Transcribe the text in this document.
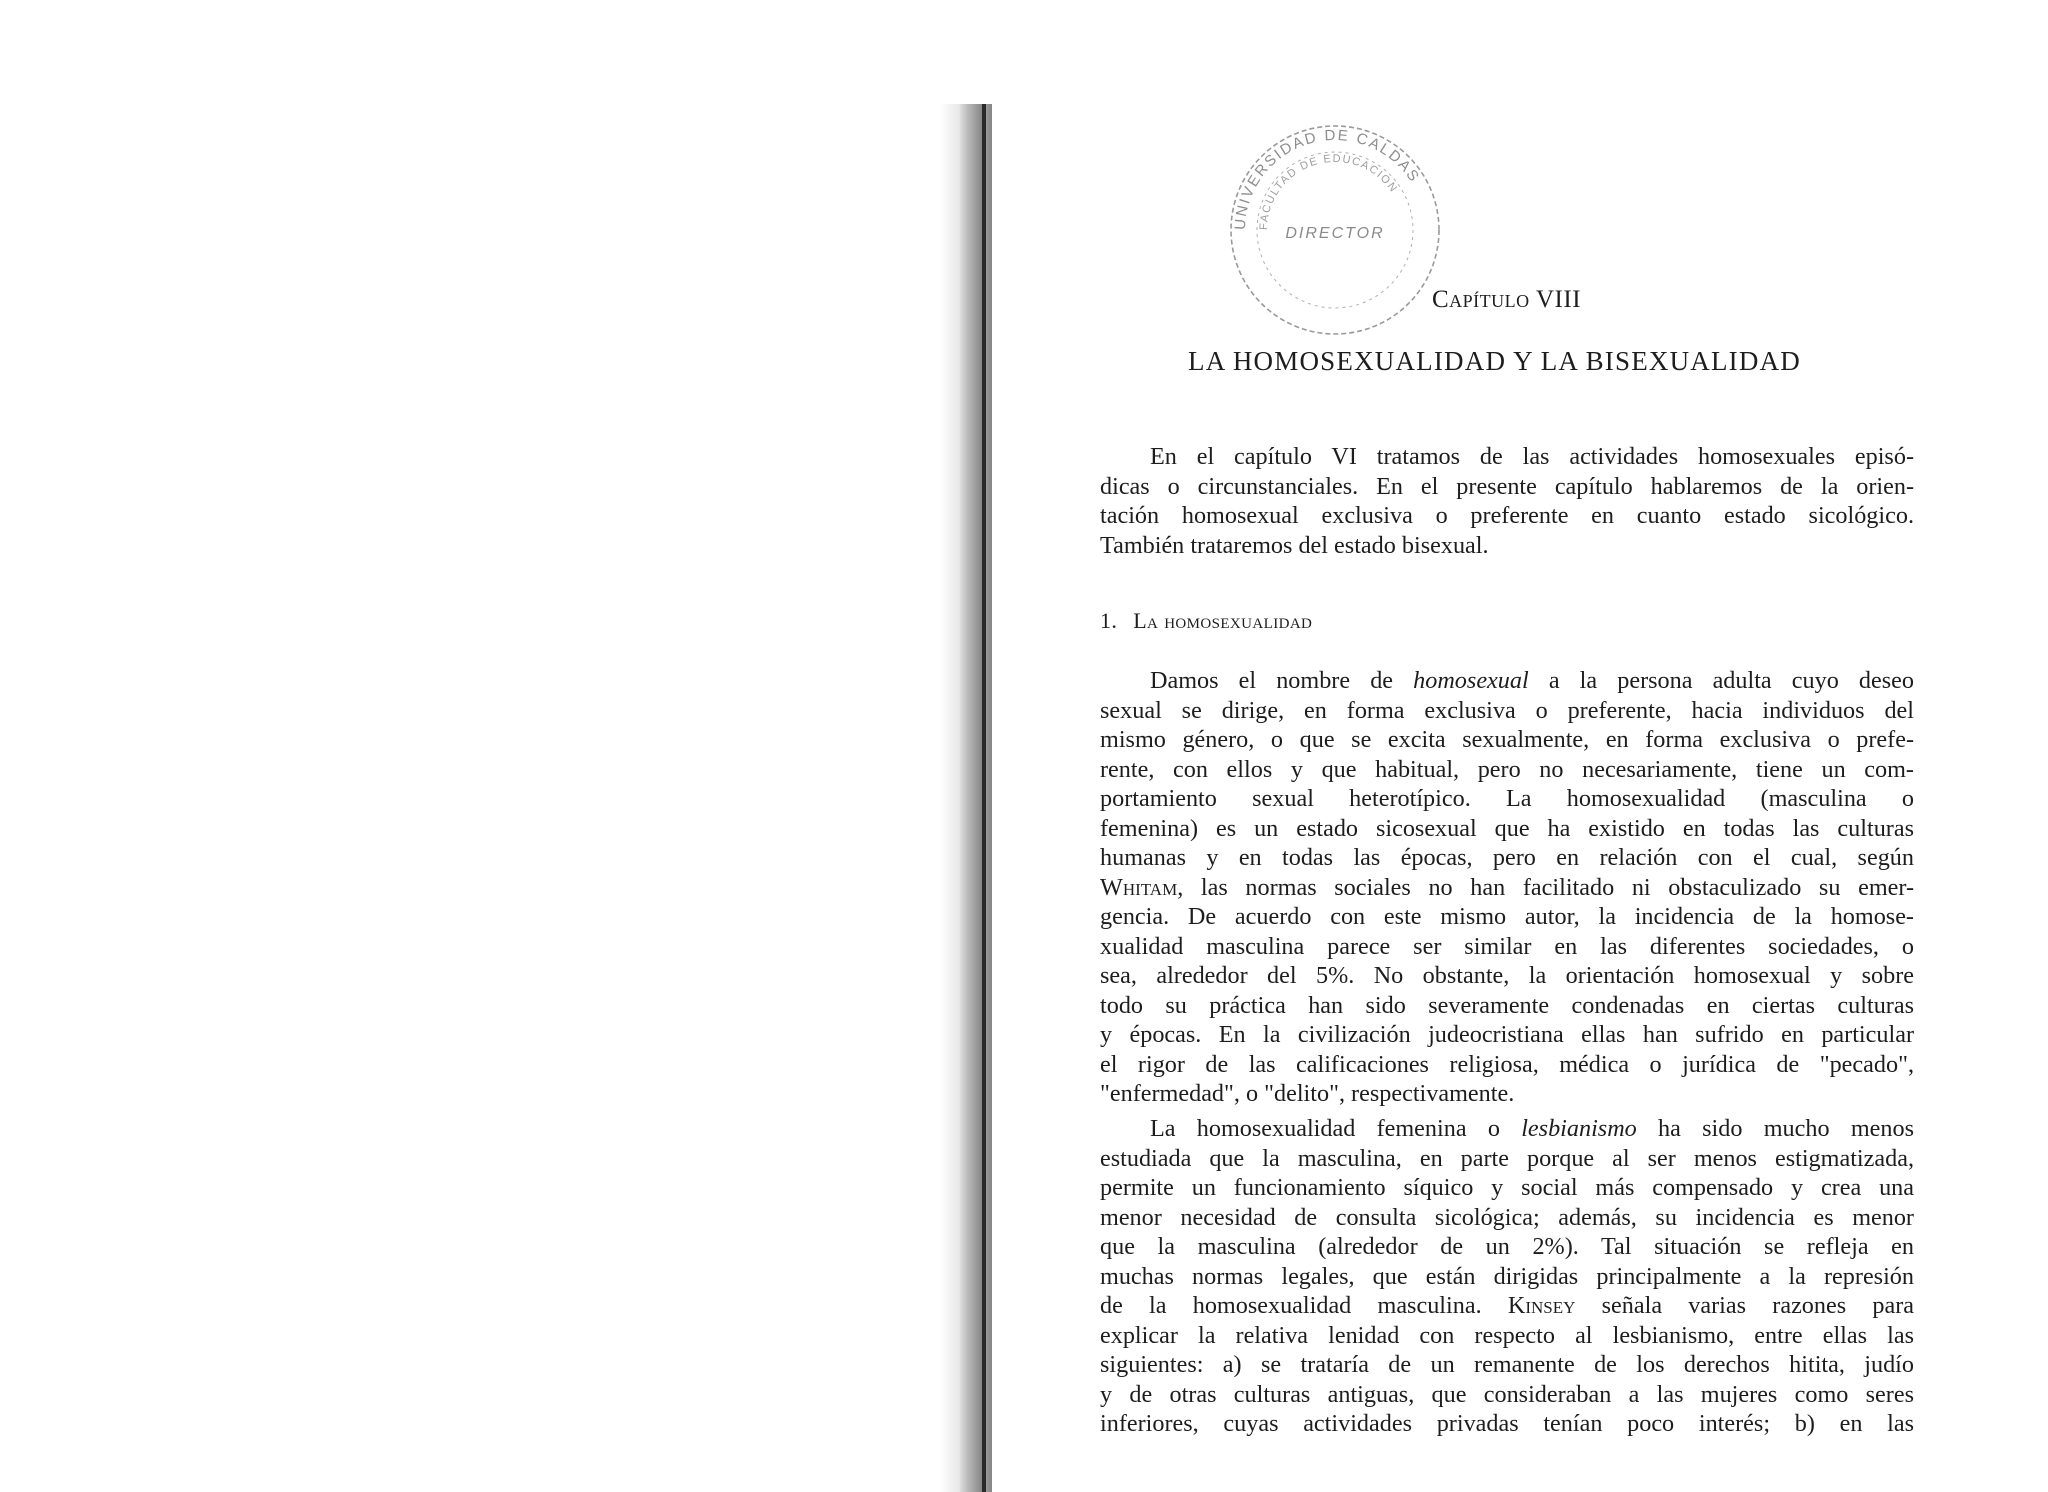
UNIVERSIDAD DE CALDAS
FACULTAD DE EDUCACION
DIRECTOR
Capítulo VIII
LA HOMOSEXUALIDAD Y LA BISEXUALIDAD

En el capítulo VI tratamos de las actividades homosexuales episó-
dicas o circunstanciales. En el presente capítulo hablaremos de la orien-
tación homosexual exclusiva o preferente en cuanto estado sicológico.
También trataremos del estado bisexual.

1. La homosexualidad

Damos el nombre de homosexual a la persona adulta cuyo deseo
sexual se dirige, en forma exclusiva o preferente, hacia individuos del
mismo género, o que se excita sexualmente, en forma exclusiva o prefe-
rente, con ellos y que habitual, pero no necesariamente, tiene un com-
portamiento sexual heterotípico. La homosexualidad (masculina o
femenina) es un estado sicosexual que ha existido en todas las culturas
humanas y en todas las épocas, pero en relación con el cual, según
Whitam, las normas sociales no han facilitado ni obstaculizado su emer-
gencia. De acuerdo con este mismo autor, la incidencia de la homose-
xualidad masculina parece ser similar en las diferentes sociedades, o
sea, alrededor del 5%. No obstante, la orientación homosexual y sobre
todo su práctica han sido severamente condenadas en ciertas culturas
y épocas. En la civilización judeocristiana ellas han sufrido en particular
el rigor de las calificaciones religiosa, médica o jurídica de "pecado",
"enfermedad", o "delito", respectivamente.

La homosexualidad femenina o lesbianismo ha sido mucho menos
estudiada que la masculina, en parte porque al ser menos estigmatizada,
permite un funcionamiento síquico y social más compensado y crea una
menor necesidad de consulta sicológica; además, su incidencia es menor
que la masculina (alrededor de un 2%). Tal situación se refleja en
muchas normas legales, que están dirigidas principalmente a la represión
de la homosexualidad masculina. Kinsey señala varias razones para
explicar la relativa lenidad con respecto al lesbianismo, entre ellas las
siguientes: a) se trataría de un remanente de los derechos hitita, judío
y de otras culturas antiguas, que consideraban a las mujeres como seres
inferiores, cuyas actividades privadas tenían poco interés; b) en las
